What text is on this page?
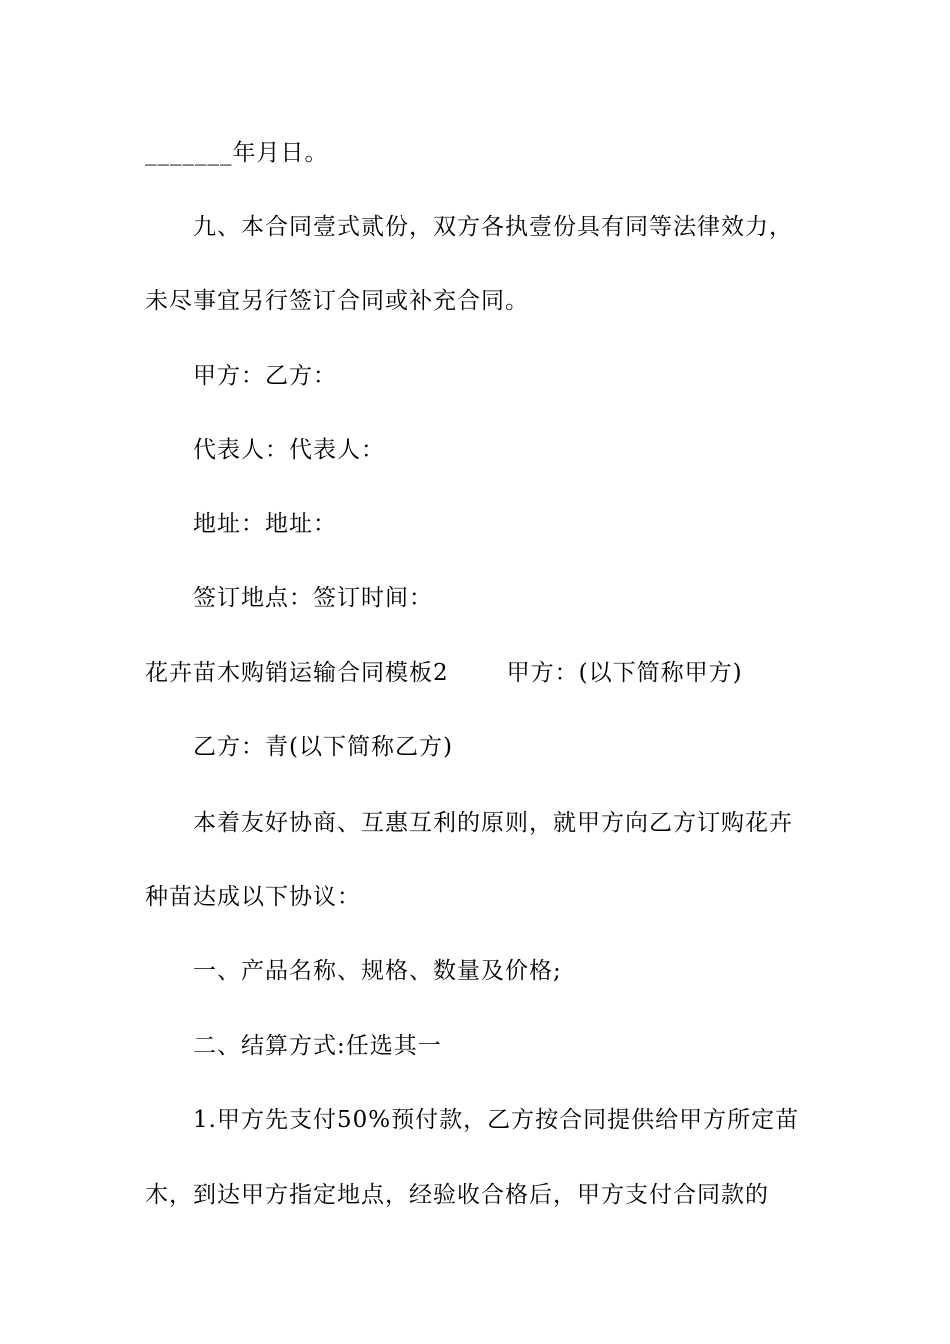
_______年月日。
九、本合同壹式贰份，双方各执壹份具有同等法律效力，
未尽事宜另行签订合同或补充合同。
甲方：乙方：
代表人：代表人：
地址：地址：
签订地点：签订时间：
花卉苗木购销运输合同模板2	甲方：(以下简称甲方)
乙方：青(以下简称乙方)
本着友好协商、互惠互利的原则，就甲方向乙方订购花卉
种苗达成以下协议：
一、产品名称、规格、数量及价格;
二、结算方式:任选其一
1.甲方先支付50%预付款，乙方按合同提供给甲方所定苗
木，到达甲方指定地点，经验收合格后，甲方支付合同款的
